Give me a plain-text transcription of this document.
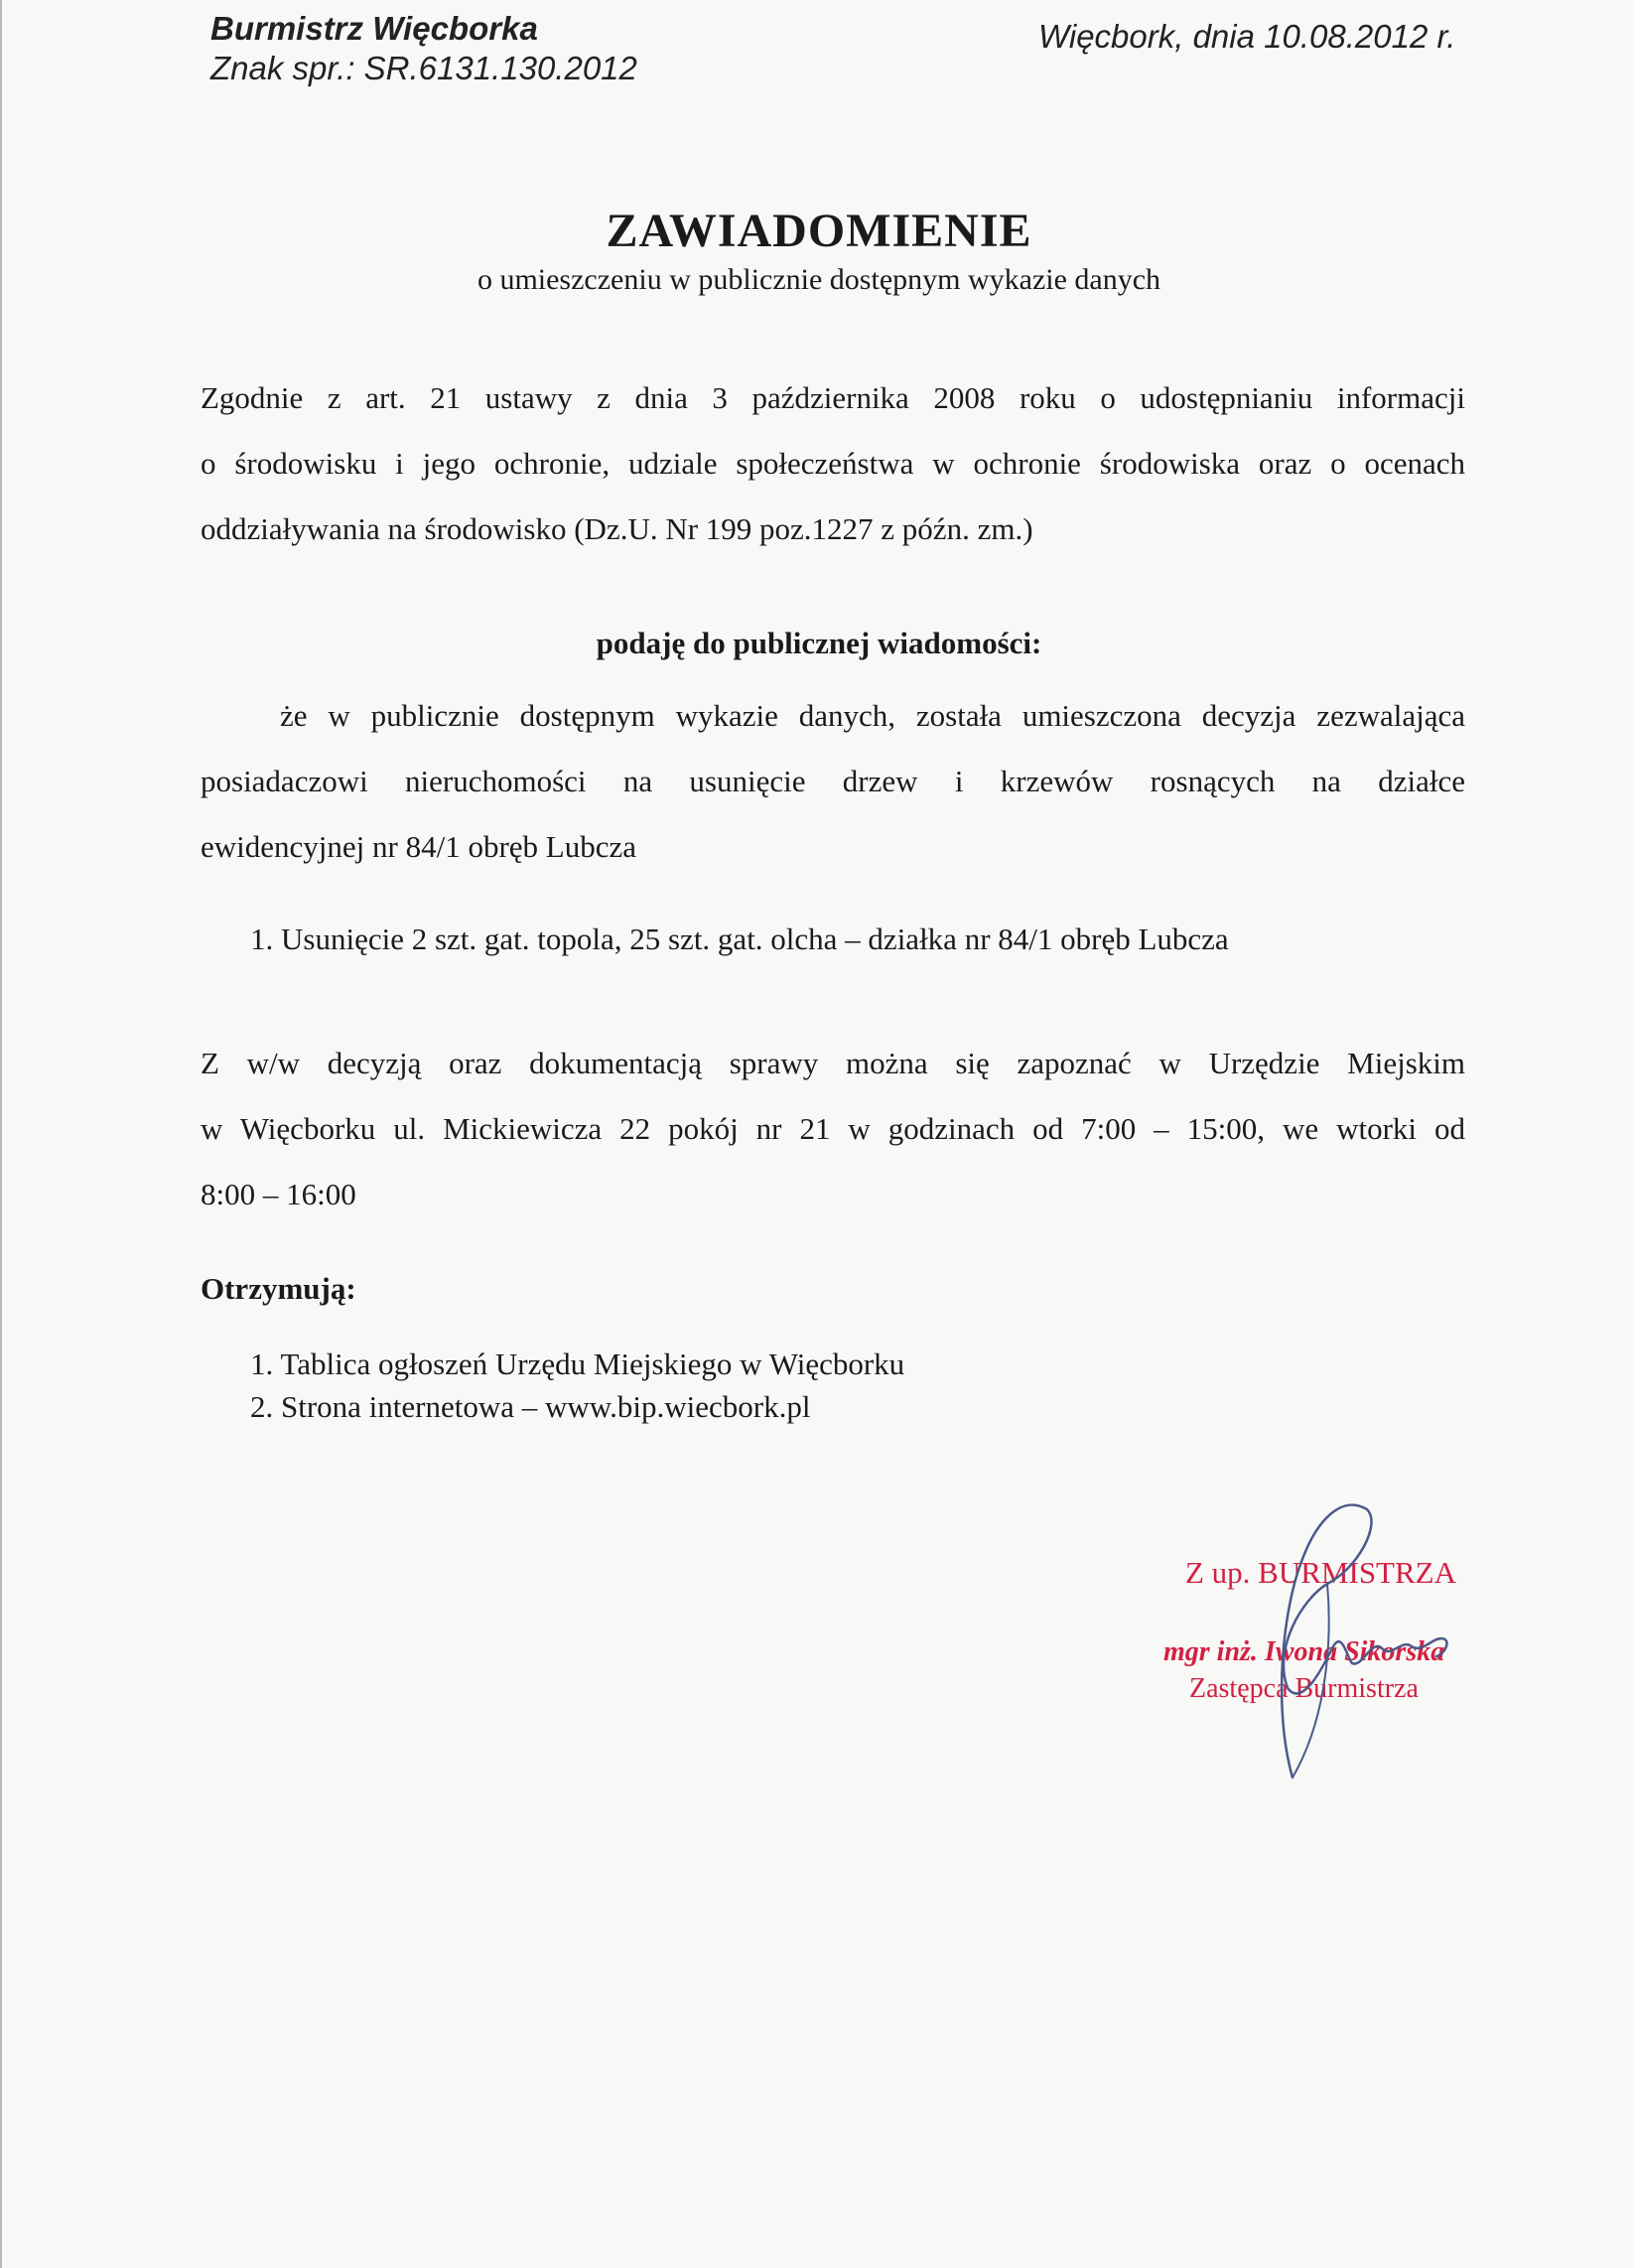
Burmistrz Więcborka
Znak spr.: SR.6131.130.2012
Więcbork, dnia 10.08.2012 r.
ZAWIADOMIENIE
o umieszczeniu w publicznie dostępnym wykazie danych
Zgodnie z art. 21 ustawy z dnia 3 października 2008 roku o udostępnianiu informacji
o środowisku i jego ochronie, udziale społeczeństwa w ochronie środowiska oraz o ocenach
oddziaływania na środowisko (Dz.U. Nr 199 poz.1227 z późn. zm.)
podaję do publicznej wiadomości:
że w publicznie dostępnym wykazie danych, została umieszczona decyzja zezwalająca
posiadaczowi nieruchomości na usunięcie drzew i krzewów rosnących na działce
ewidencyjnej nr 84/1 obręb Lubcza
1. Usunięcie 2 szt. gat. topola, 25 szt. gat. olcha – działka nr 84/1 obręb Lubcza
Z w/w decyzją oraz dokumentacją sprawy można się zapoznać w Urzędzie Miejskim
w Więcborku ul. Mickiewicza 22 pokój nr 21 w godzinach od 7:00 – 15:00, we wtorki od
8:00 – 16:00
Otrzymują:
1. Tablica ogłoszeń Urzędu Miejskiego w Więcborku
2. Strona internetowa – www.bip.wiecbork.pl
Z up. BURMISTRZA
mgr inż. Iwona Sikorska
Zastępca Burmistrza
